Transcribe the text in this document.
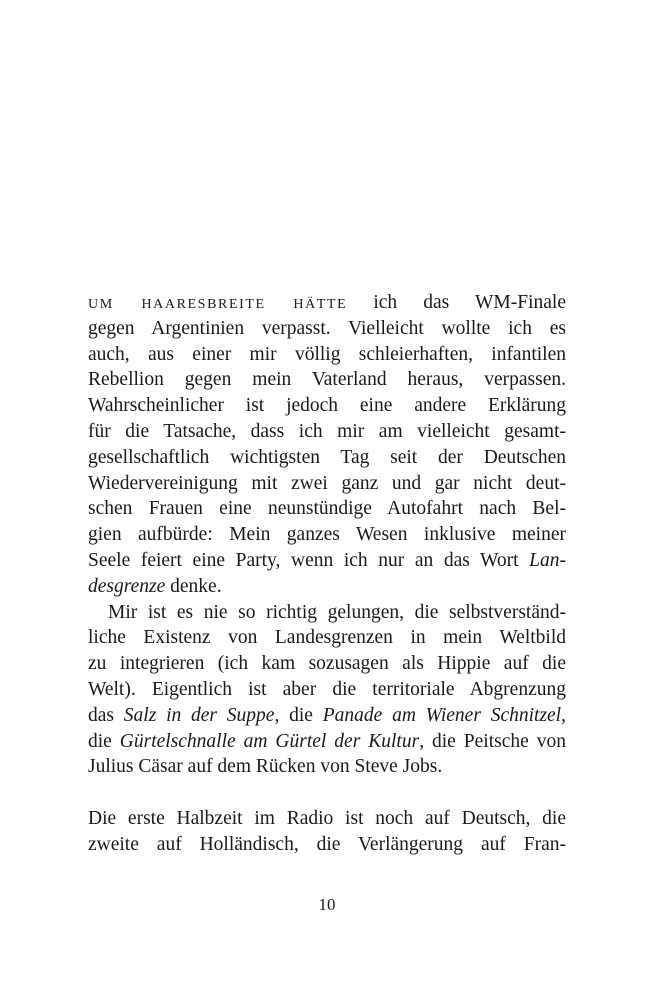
um haaresbreite hätte ich das WM-Finale
gegen Argentinien verpasst. Vielleicht wollte ich es
auch, aus einer mir völlig schleierhaften, infantilen
Rebellion gegen mein Vaterland heraus, verpassen.
Wahrscheinlicher ist jedoch eine andere Erklärung
für die Tatsache, dass ich mir am vielleicht gesamt-
gesellschaftlich wichtigsten Tag seit der Deutschen
Wiedervereinigung mit zwei ganz und gar nicht deut-
schen Frauen eine neunstündige Autofahrt nach Bel-
gien aufbürde: Mein ganzes Wesen inklusive meiner
Seele feiert eine Party, wenn ich nur an das Wort Lan-
desgrenze denke.
Mir ist es nie so richtig gelungen, die selbstverständ-
liche Existenz von Landesgrenzen in mein Weltbild
zu integrieren (ich kam sozusagen als Hippie auf die
Welt). Eigentlich ist aber die territoriale Abgrenzung
das Salz in der Suppe, die Panade am Wiener Schnitzel,
die Gürtelschnalle am Gürtel der Kultur, die Peitsche von
Julius Cäsar auf dem Rücken von Steve Jobs.
Die erste Halbzeit im Radio ist noch auf Deutsch, die
zweite auf Holländisch, die Verlängerung auf Fran-
10
